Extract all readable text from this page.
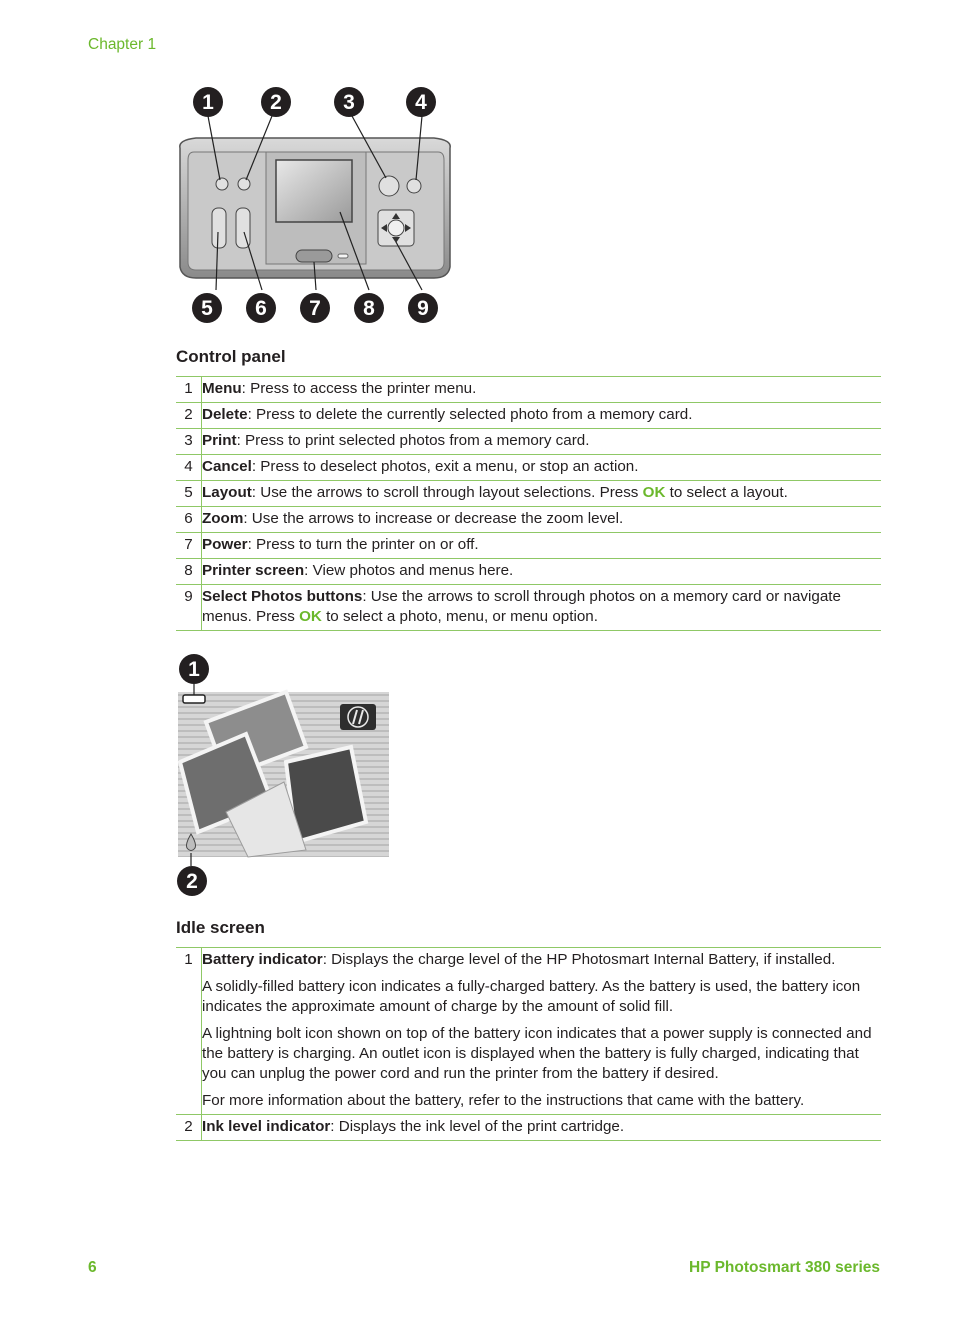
Chapter 1
1	2	3	4
5 6 7 8 9
Control panel
1	Menu: Press to access the printer menu.
2	Delete: Press to delete the currently selected photo from a memory card.
3	Print: Press to print selected photos from a memory card.
4	Cancel: Press to deselect photos, exit a menu, or stop an action.
5	Layout: Use the arrows to scroll through layout selections. Press OK to select a layout.
6	Zoom: Use the arrows to increase or decrease the zoom level.
7	Power: Press to turn the printer on or off.
8	Printer screen: View photos and menus here.
9	Select Photos buttons: Use the arrows to scroll through photos on a memory card or navigate menus. Press OK to select a photo, menu, or menu option.
1
2
Idle screen
1	Battery indicator: Displays the charge level of the HP Photosmart Internal Battery, if installed.

A solidly-filled battery icon indicates a fully-charged battery. As the battery is used, the battery icon indicates the approximate amount of charge by the amount of solid fill.

A lightning bolt icon shown on top of the battery icon indicates that a power supply is connected and the battery is charging. An outlet icon is displayed when the battery is fully charged, indicating that you can unplug the power cord and run the printer from the battery if desired.

For more information about the battery, refer to the instructions that came with the battery.

2	Ink level indicator: Displays the ink level of the print cartridge.
6	HP Photosmart 380 series
